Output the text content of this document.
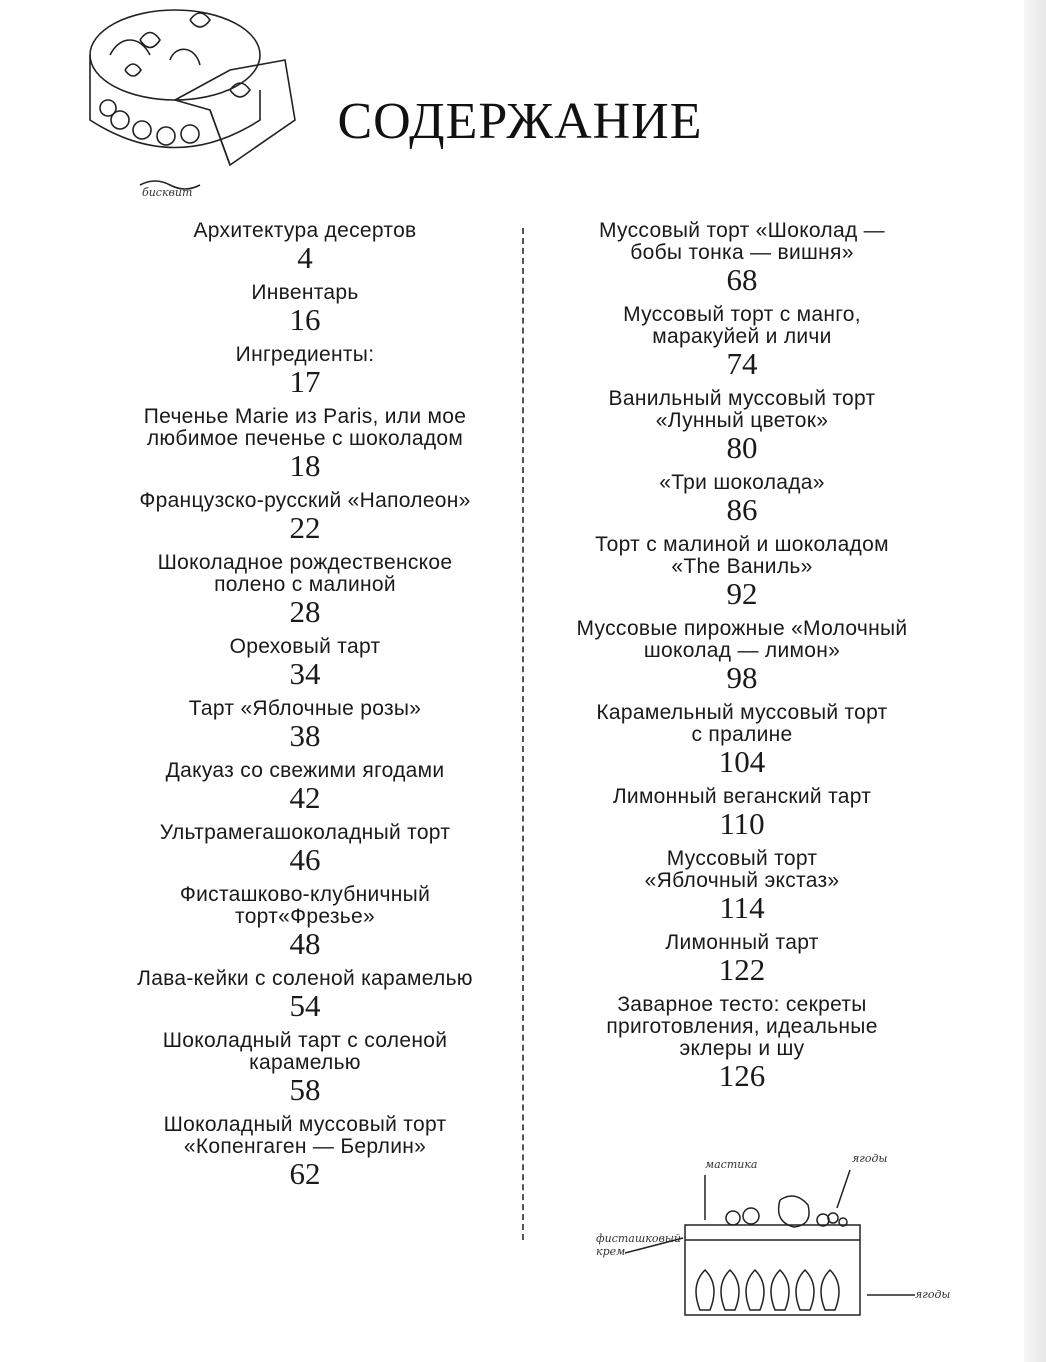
бисквит
СОДЕРЖАНИЕ
Архитектура десертов
4
Инвентарь
16
Ингредиенты:
17
Печенье Marie из Paris, или мое
любимое печенье с шоколадом
18
Французско-русский «Наполеон»
22
Шоколадное рождественское
полено с малиной
28
Ореховый тарт
34
Тарт «Яблочные розы»
38
Дакуаз со свежими ягодами
42
Ультрамегашоколадный торт
46
Фисташково-клубничный
торт«Фрезье»
48
Лава-кейки с соленой карамелью
54
Шоколадный тарт с соленой
карамелью
58
Шоколадный муссовый торт
«Копенгаген — Берлин»
62
Муссовый торт «Шоколад —
бобы тонка — вишня»
68
Муссовый торт с манго,
маракуйей и личи
74
Ванильный муссовый торт
«Лунный цветок»
80
«Три шоколада»
86
Торт с малиной и шоколадом
«The Ваниль»
92
Муссовые пирожные «Молочный
шоколад — лимон»
98
Карамельный муссовый торт
с пралине
104
Лимонный веганский тарт
110
Муссовый торт
«Яблочный экстаз»
114
Лимонный тарт
122
Заварное тесто: секреты
приготовления, идеальные
эклеры и шу
126
мастика	ягоды
фисташковый
крем
ягоды
